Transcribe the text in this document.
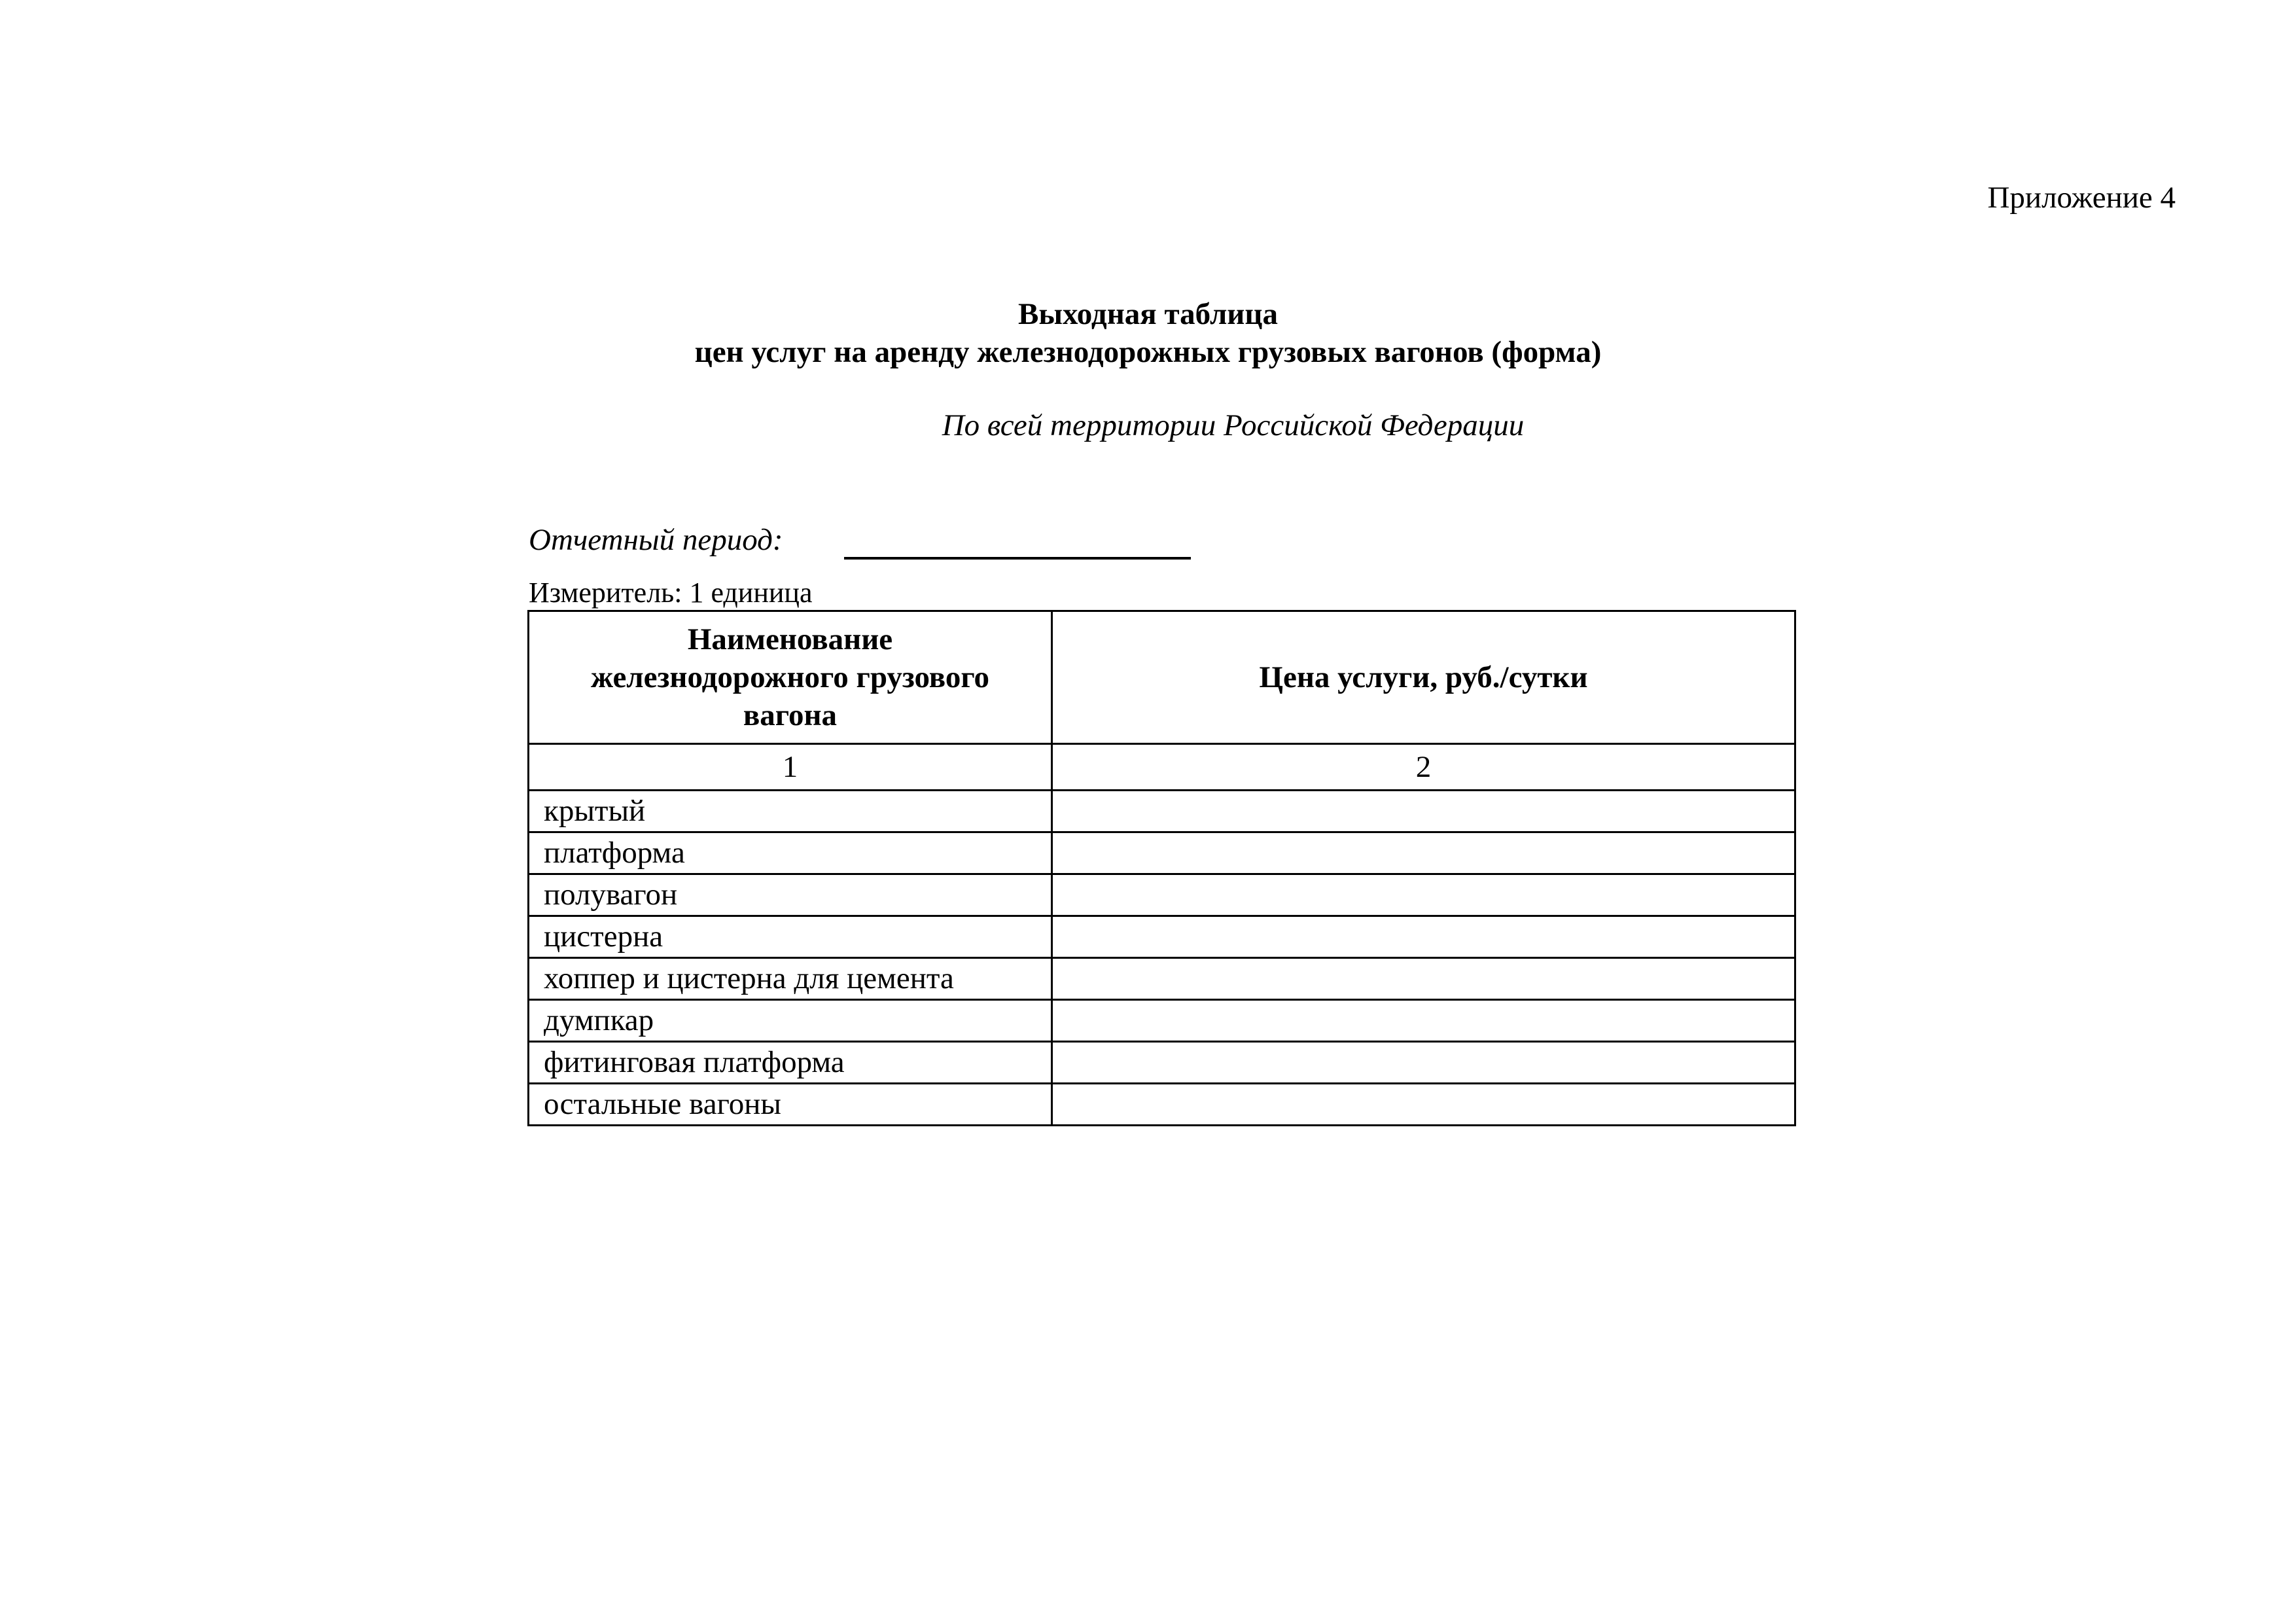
Приложение 4
Выходная таблица
цен услуг на аренду железнодорожных грузовых вагонов (форма)
По всей территории Российской Федерации
Отчетный период:
Измеритель: 1 единица
Наименование железнодорожного грузового вагона	Цена услуги, руб./сутки
1	2
крытый	
платформа	
полувагон	
цистерна	
хоппер и цистерна для цемента	
думпкар	
фитинговая платформа	
остальные вагоны	
